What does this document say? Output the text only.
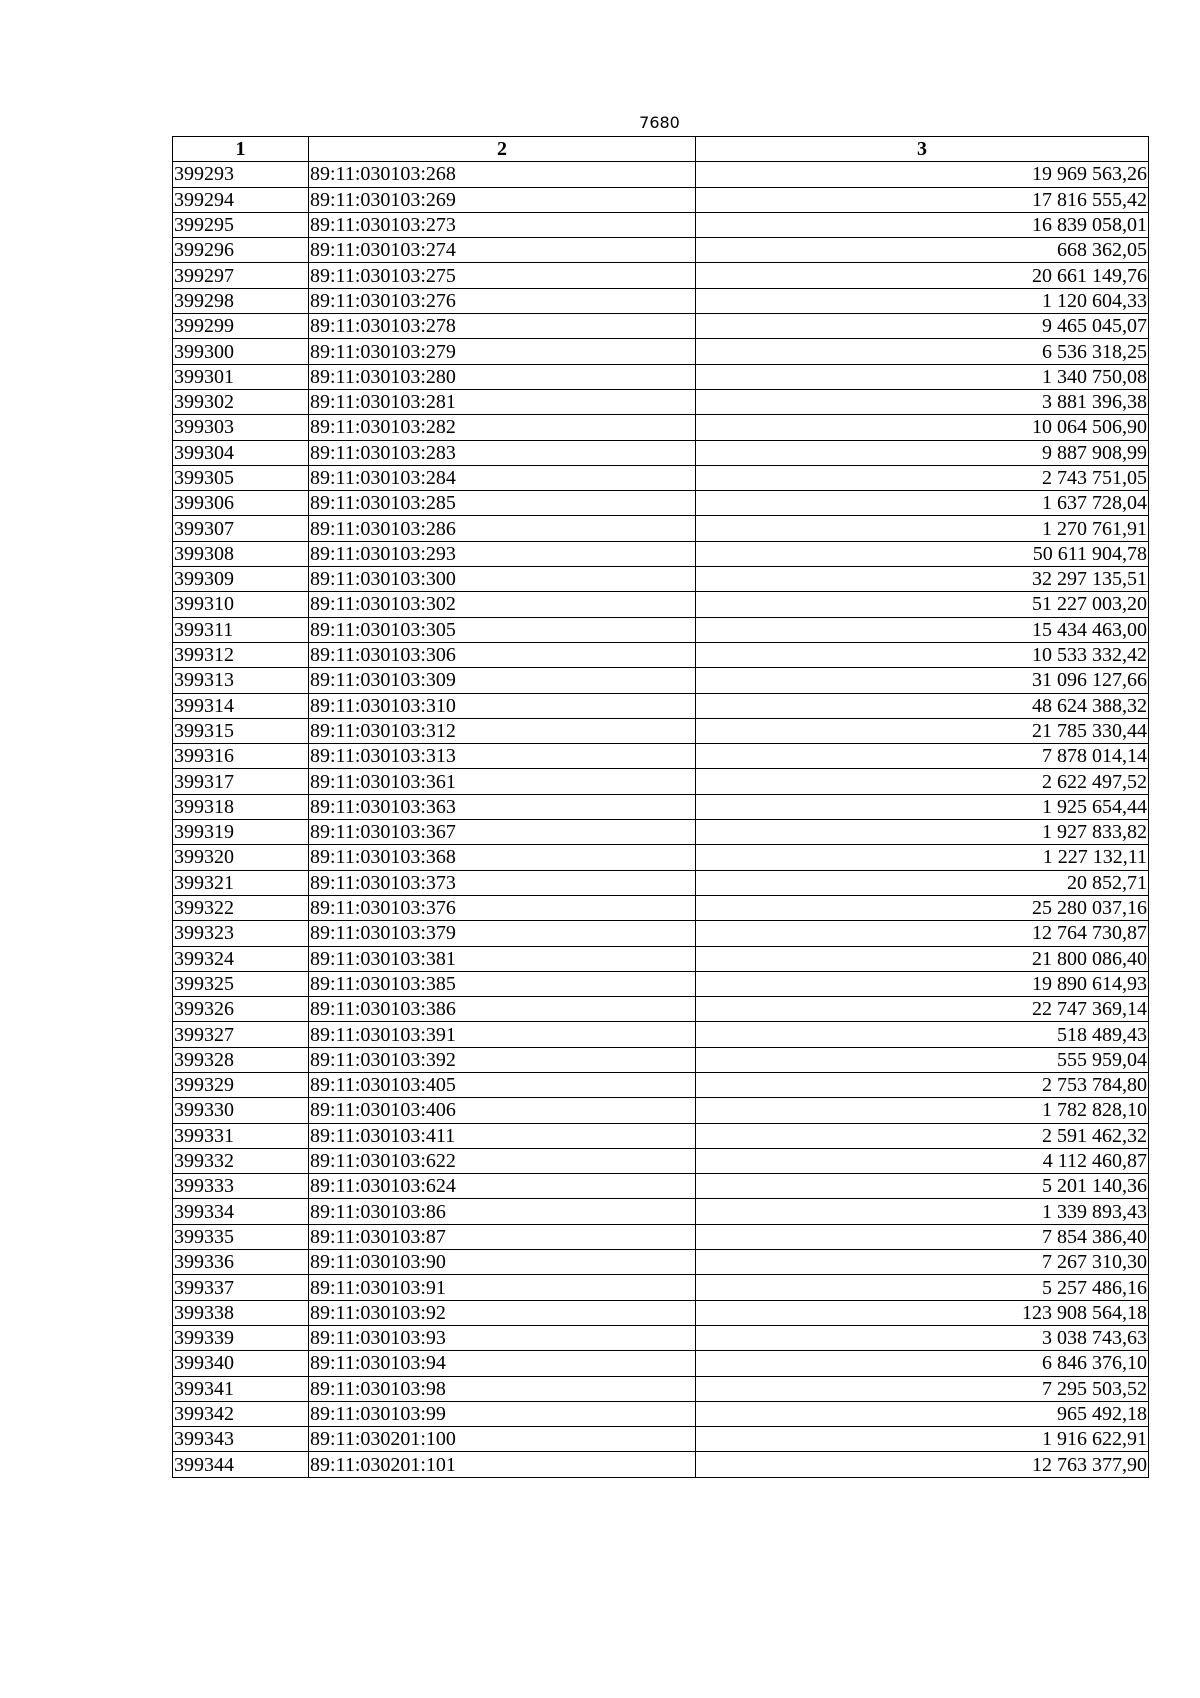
7680
1	2	3
399293	89:11:030103:268	19 969 563,26
399294	89:11:030103:269	17 816 555,42
399295	89:11:030103:273	16 839 058,01
399296	89:11:030103:274	668 362,05
399297	89:11:030103:275	20 661 149,76
399298	89:11:030103:276	1 120 604,33
399299	89:11:030103:278	9 465 045,07
399300	89:11:030103:279	6 536 318,25
399301	89:11:030103:280	1 340 750,08
399302	89:11:030103:281	3 881 396,38
399303	89:11:030103:282	10 064 506,90
399304	89:11:030103:283	9 887 908,99
399305	89:11:030103:284	2 743 751,05
399306	89:11:030103:285	1 637 728,04
399307	89:11:030103:286	1 270 761,91
399308	89:11:030103:293	50 611 904,78
399309	89:11:030103:300	32 297 135,51
399310	89:11:030103:302	51 227 003,20
399311	89:11:030103:305	15 434 463,00
399312	89:11:030103:306	10 533 332,42
399313	89:11:030103:309	31 096 127,66
399314	89:11:030103:310	48 624 388,32
399315	89:11:030103:312	21 785 330,44
399316	89:11:030103:313	7 878 014,14
399317	89:11:030103:361	2 622 497,52
399318	89:11:030103:363	1 925 654,44
399319	89:11:030103:367	1 927 833,82
399320	89:11:030103:368	1 227 132,11
399321	89:11:030103:373	20 852,71
399322	89:11:030103:376	25 280 037,16
399323	89:11:030103:379	12 764 730,87
399324	89:11:030103:381	21 800 086,40
399325	89:11:030103:385	19 890 614,93
399326	89:11:030103:386	22 747 369,14
399327	89:11:030103:391	518 489,43
399328	89:11:030103:392	555 959,04
399329	89:11:030103:405	2 753 784,80
399330	89:11:030103:406	1 782 828,10
399331	89:11:030103:411	2 591 462,32
399332	89:11:030103:622	4 112 460,87
399333	89:11:030103:624	5 201 140,36
399334	89:11:030103:86	1 339 893,43
399335	89:11:030103:87	7 854 386,40
399336	89:11:030103:90	7 267 310,30
399337	89:11:030103:91	5 257 486,16
399338	89:11:030103:92	123 908 564,18
399339	89:11:030103:93	3 038 743,63
399340	89:11:030103:94	6 846 376,10
399341	89:11:030103:98	7 295 503,52
399342	89:11:030103:99	965 492,18
399343	89:11:030201:100	1 916 622,91
399344	89:11:030201:101	12 763 377,90
